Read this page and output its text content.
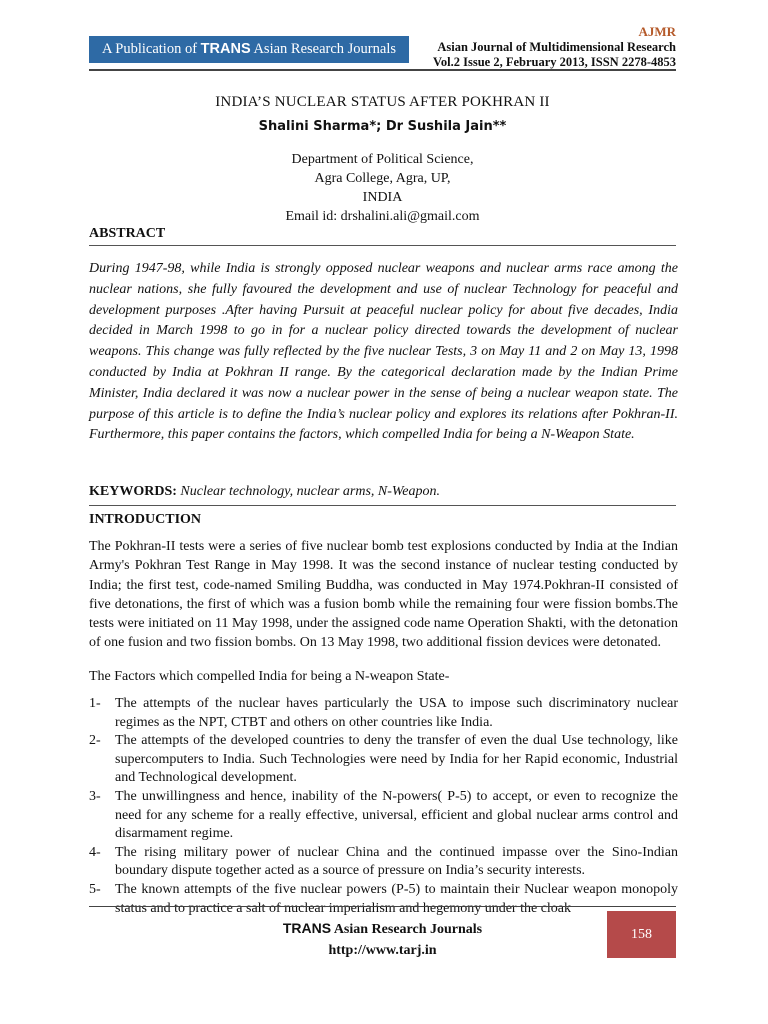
A Publication of TRANS Asian Research Journals
AJMR
Asian Journal of Multidimensional Research
Vol.2 Issue 2, February 2013, ISSN 2278-4853
INDIA’S NUCLEAR STATUS AFTER POKHRAN II
Shalini Sharma*; Dr Sushila Jain**
Department of Political Science,
Agra College, Agra, UP,
INDIA
Email id: drshalini.ali@gmail.com
ABSTRACT

During 1947-98, while India is strongly opposed nuclear weapons and nuclear arms race among the nuclear nations, she fully favoured the development and use of nuclear Technology for peaceful and development purposes .After having Pursuit at peaceful nuclear policy for about five decades, India decided in March 1998 to go in for a nuclear policy directed towards the development of nuclear weapons. This change was fully reflected by the five nuclear Tests, 3 on May 11 and 2 on May 13, 1998 conducted by India at Pokhran II range. By the categorical declaration made by the Indian Prime Minister, India declared it was now a nuclear power in the sense of being a nuclear weapon state. The purpose of this article is to define the India’s nuclear policy and explores its relations after Pokhran-II. Furthermore, this paper contains the factors, which compelled India for being a N-Weapon State.

KEYWORDS: Nuclear technology, nuclear arms, N-Weapon.
INTRODUCTION

The Pokhran-II tests were a series of five nuclear bomb test explosions conducted by India at the Indian Army's Pokhran Test Range in May 1998. It was the second instance of nuclear testing conducted by India; the first test, code-named Smiling Buddha, was conducted in May 1974.Pokhran-II consisted of five detonations, the first of which was a fusion bomb while the remaining four were fission bombs.The tests were initiated on 11 May 1998, under the assigned code name Operation Shakti, with the detonation of one fusion and two fission bombs. On 13 May 1998, two additional fission devices were detonated.

The Factors which compelled India for being a N-weapon State-
1- The attempts of the nuclear haves particularly the USA to impose such discriminatory nuclear regimes as the NPT, CTBT and others on other countries like India.
2- The attempts of the developed countries to deny the transfer of even the dual Use technology, like supercomputers to India. Such Technologies were need by India for her Rapid economic, Industrial and Technological development.
3- The unwillingness and hence, inability of the N-powers( P-5) to accept, or even to recognize the need for any scheme for a really effective, universal, efficient and global nuclear arms control and disarmament regime.
4- The rising military power of nuclear China and the continued impasse over the Sino-Indian boundary dispute together acted as a source of pressure on India’s security interests.
5- The known attempts of the five nuclear powers (P-5) to maintain their Nuclear weapon monopoly status and to practice a salt of nuclear imperialism and hegemony under the cloak
TRANS Asian Research Journals
http://www.tarj.in
158
